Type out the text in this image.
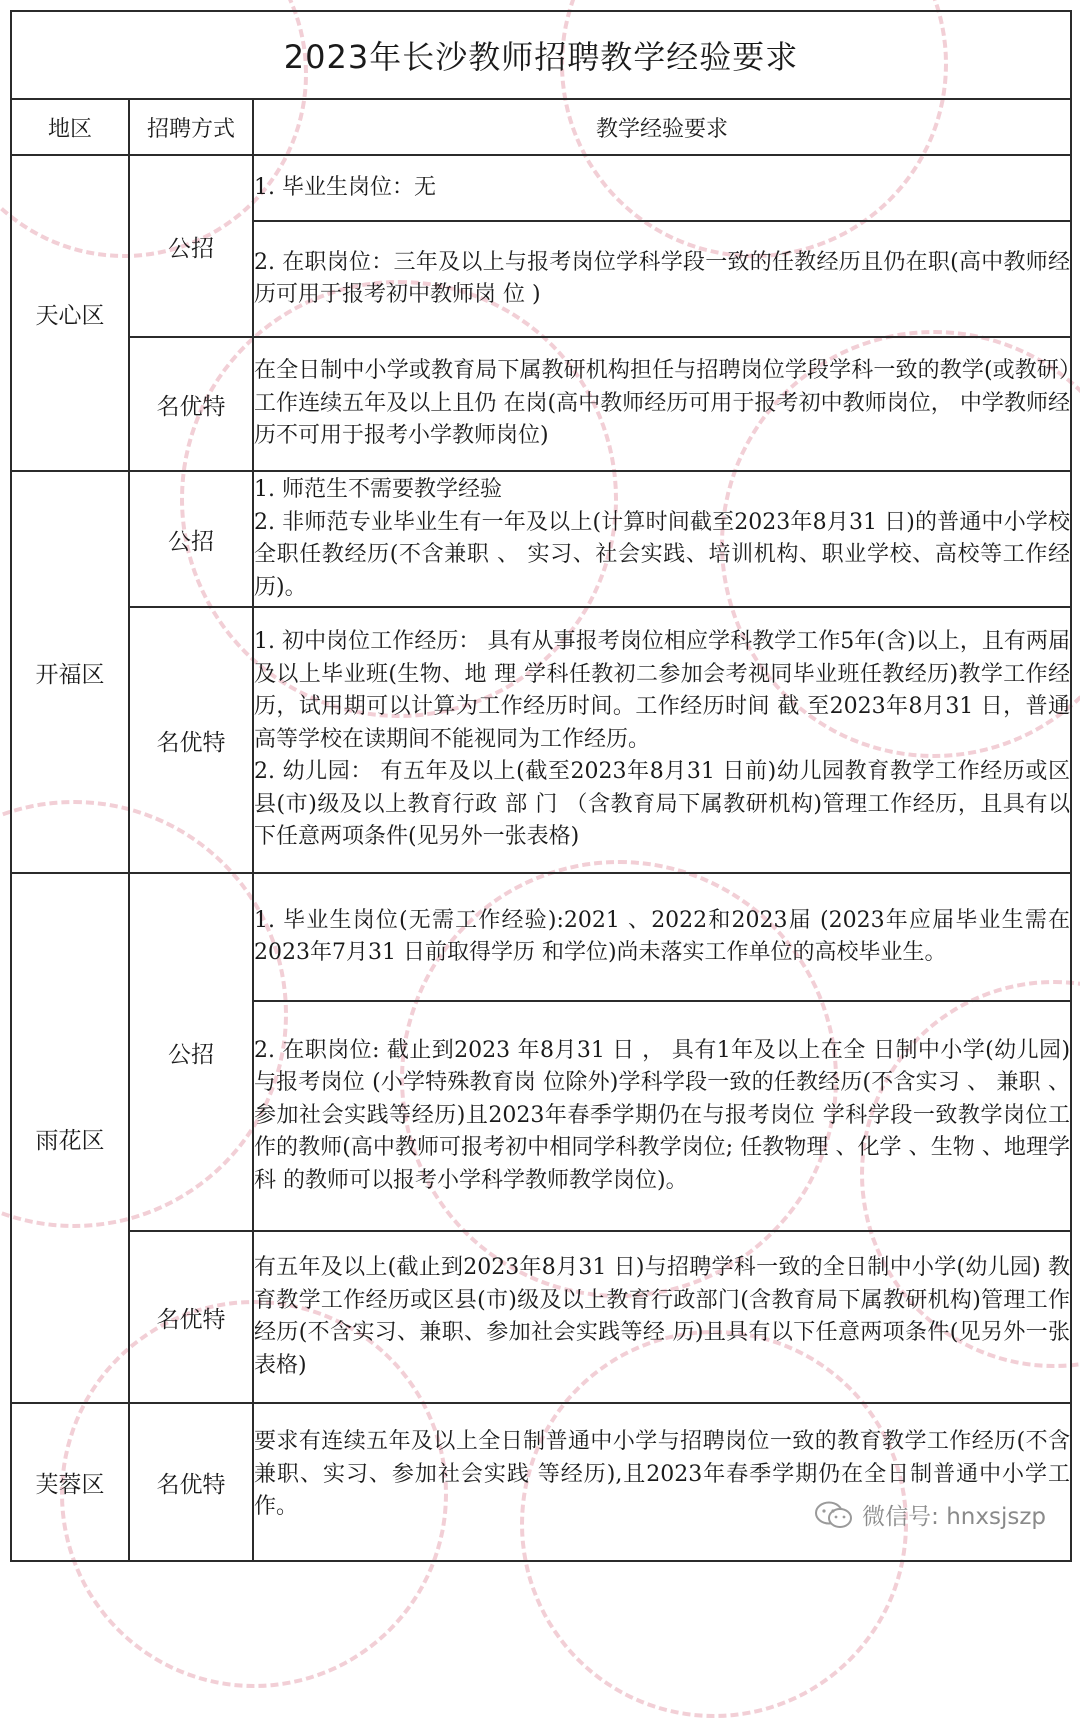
2023年长沙教师招聘教学经验要求		
地区	招聘方式	教学经验要求
天心区	公招	1. 毕业生岗位：无

		2. 在职岗位：三年及以上与报考岗位学科学段一致的任教经历且仍在职(高中教师经历可用于报考初中教师岗 位 )

	名优特	在全日制中小学或教育局下属教研机构担任与招聘岗位学段学科一致的教学(或教研）工作连续五年及以上且仍 在岗(高中教师经历可用于报考初中教师岗位， 中学教师经历不可用于报考小学教师岗位)

开福区	公招	1. 师范生不需要教学经验
2. 非师范专业毕业生有一年及以上(计算时间截至2023年8月31 日)的普通中小学校全职任教经历(不含兼职 、 实习、社会实践、培训机构、职业学校、高校等工作经历)。

	名优特	1. 初中岗位工作经历： 具有从事报考岗位相应学科教学工作5年(含)以上，且有两届及以上毕业班(生物、地 理 学科任教初二参加会考视同毕业班任教经历)教学工作经历，试用期可以计算为工作经历时间。工作经历时间 截 至2023年8月31 日，普通高等学校在读期间不能视同为工作经历。
2. 幼儿园： 有五年及以上(截至2023年8月31 日前)幼儿园教育教学工作经历或区县(市)级及以上教育行政 部 门 （含教育局下属教研机构)管理工作经历，且具有以下任意两项条件(见另外一张表格)

雨花区	公招	1. 毕业生岗位(无需工作经验):2021 、2022和2023届 (2023年应届毕业生需在2023年7月31 日前取得学历 和学位)尚未落实工作单位的高校毕业生。

		2. 在职岗位: 截止到2023 年8月31 日 ， 具有1年及以上在全 日制中小学(幼儿园)与报考岗位 (小学特殊教育岗 位除外)学科学段一致的任教经历(不含实习 、 兼职 、 参加社会实践等经历)且2023年春季学期仍在与报考岗位 学科学段一致教学岗位工作的教师(高中教师可报考初中相同学科教学岗位; 任教物理 、化学 、生物 、地理学科 的教师可以报考小学科学教师教学岗位)。

	名优特	有五年及以上(截止到2023年8月31 日)与招聘学科一致的全日制中小学(幼儿园) 教育教学工作经历或区县(市)级及以上教育行政部门(含教育局下属教研机构)管理工作经历(不含实习、兼职、参加社会实践等经 历)且具有以下任意两项条件(见另外一张表格)

芙蓉区	名优特	要求有连续五年及以上全日制普通中小学与招聘岗位一致的教育教学工作经历(不含兼职、实习、参加社会实践 等经历),且2023年春季学期仍在全日制普通中小学工作。	微信号: hnxsjszp
